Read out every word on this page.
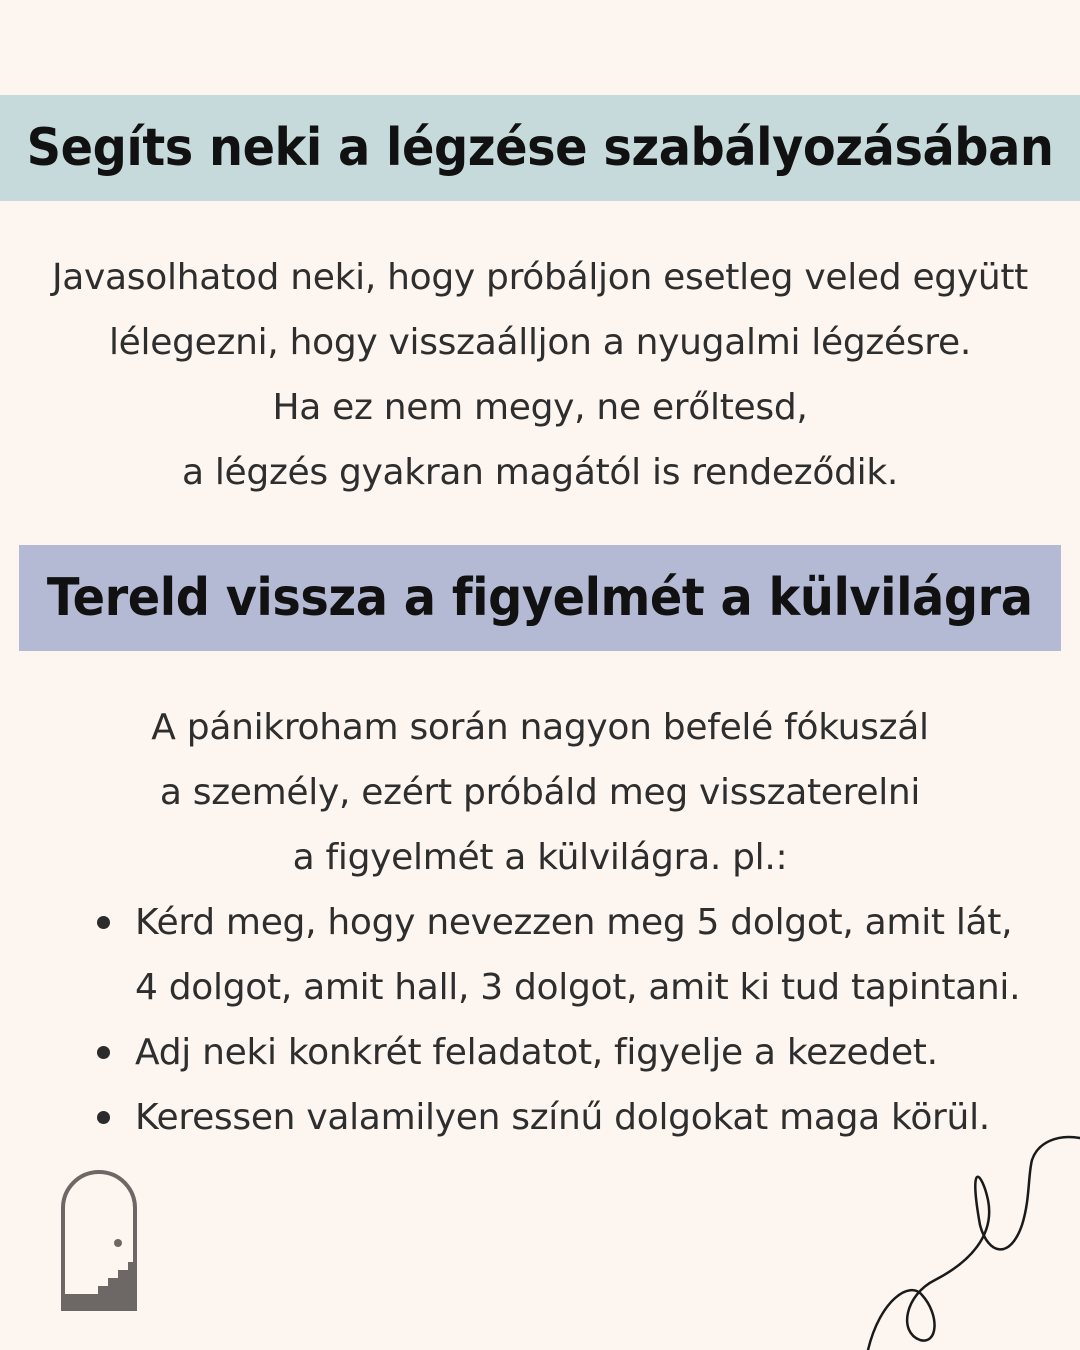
Segíts neki a légzése szabályozásában

Javasolhatod neki, hogy próbáljon esetleg veled együtt
lélegezni, hogy visszaálljon a nyugalmi légzésre.
Ha ez nem megy, ne erőltesd,
a légzés gyakran magától is rendeződik.

Tereld vissza a figyelmét a külvilágra

A pánikroham során nagyon befelé fókuszál
a személy, ezért próbáld meg visszaterelni
a figyelmét a külvilágra. pl.:

Kérd meg, hogy nevezzen meg 5 dolgot, amit lát,
4 dolgot, amit hall, 3 dolgot, amit ki tud tapintani.
Adj neki konkrét feladatot, figyelje a kezedet.
Keressen valamilyen színű dolgokat maga körül.
